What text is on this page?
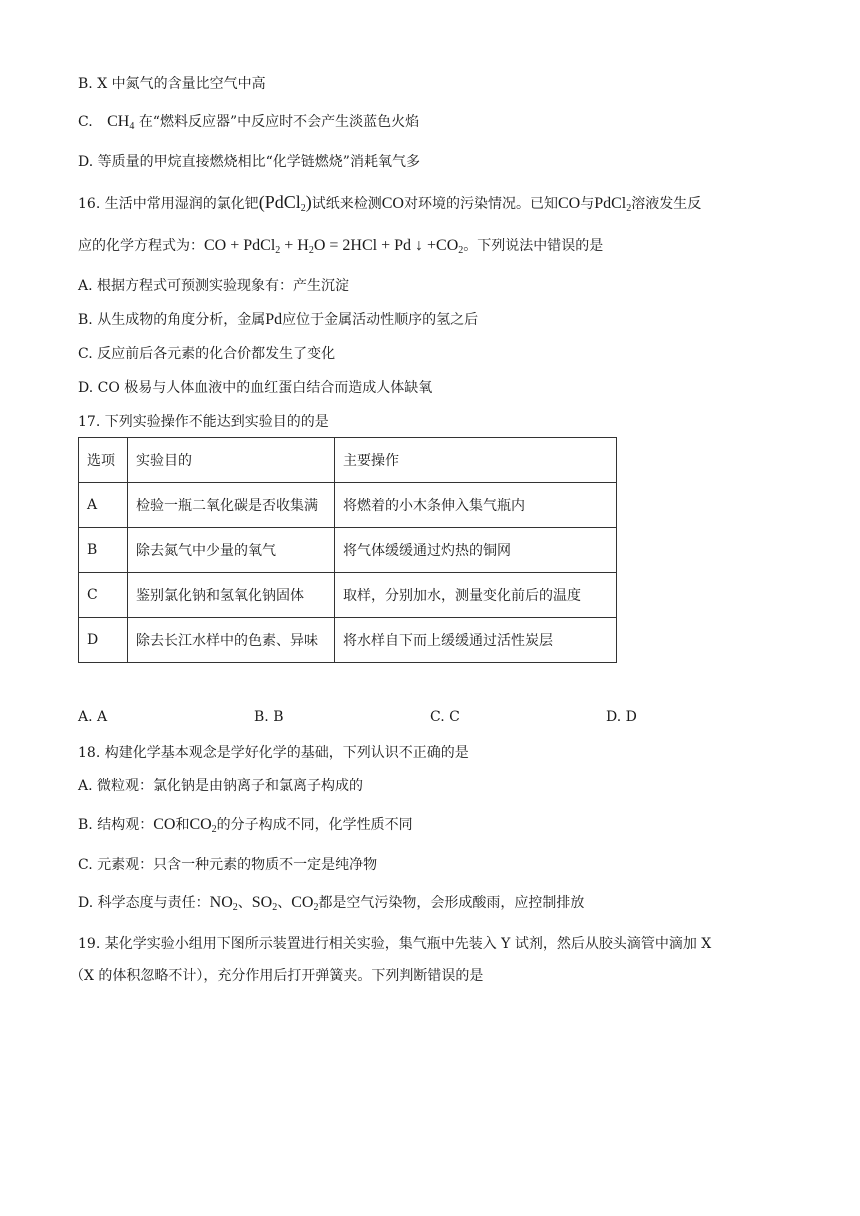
B. X 中氮气的含量比空气中高
C. $CH_4$ 在“燃料反应器”中反应时不会产生淡蓝色火焰
D. 等质量的甲烷直接燃烧相比“化学链燃烧”消耗氧气多
16. 生活中常用湿润的氯化钯(PdCl$_2$)试纸来检测CO对环境的污染情况。已知CO与PdCl$_2$溶液发生反
应的化学方程式为：CO + PdCl$_2$ + $H_2O = 2HCl + Pd$ ↓ $+CO_2$。下列说法中错误的是
A. 根据方程式可预测实验现象有：产生沉淀
B. 从生成物的角度分析，金属Pd应位于金属活动性顺序的氢之后
C. 反应前后各元素的化合价都发生了变化
D. CO 极易与人体血液中的血红蛋白结合而造成人体缺氧
17. 下列实验操作不能达到实验目的的是
选项	实验目的	主要操作
A	检验一瓶二氧化碳是否收集满	将燃着的小木条伸入集气瓶内
B	除去氮气中少量的氧气	将气体缓缓通过灼热的铜网
C	鉴别氯化钠和氢氧化钠固体	取样，分别加水，测量变化前后的温度
D	除去长江水样中的色素、异味	将水样自下而上缓缓通过活性炭层
A. A	B. B	C. C	D. D
18. 构建化学基本观念是学好化学的基础，下列认识不正确的是
A. 微粒观：氯化钠是由钠离子和氯离子构成的
B. 结构观：CO和$CO_2$的分子构成不同，化学性质不同
C. 元素观：只含一种元素的物质不一定是纯净物
D. 科学态度与责任：$NO_2$、$SO_2$、$CO_2$都是空气污染物，会形成酸雨，应控制排放
19. 某化学实验小组用下图所示装置进行相关实验，集气瓶中先装入 Y 试剂，然后从胶头滴管中滴加 X
（X 的体积忽略不计），充分作用后打开弹簧夹。下列判断错误的是
